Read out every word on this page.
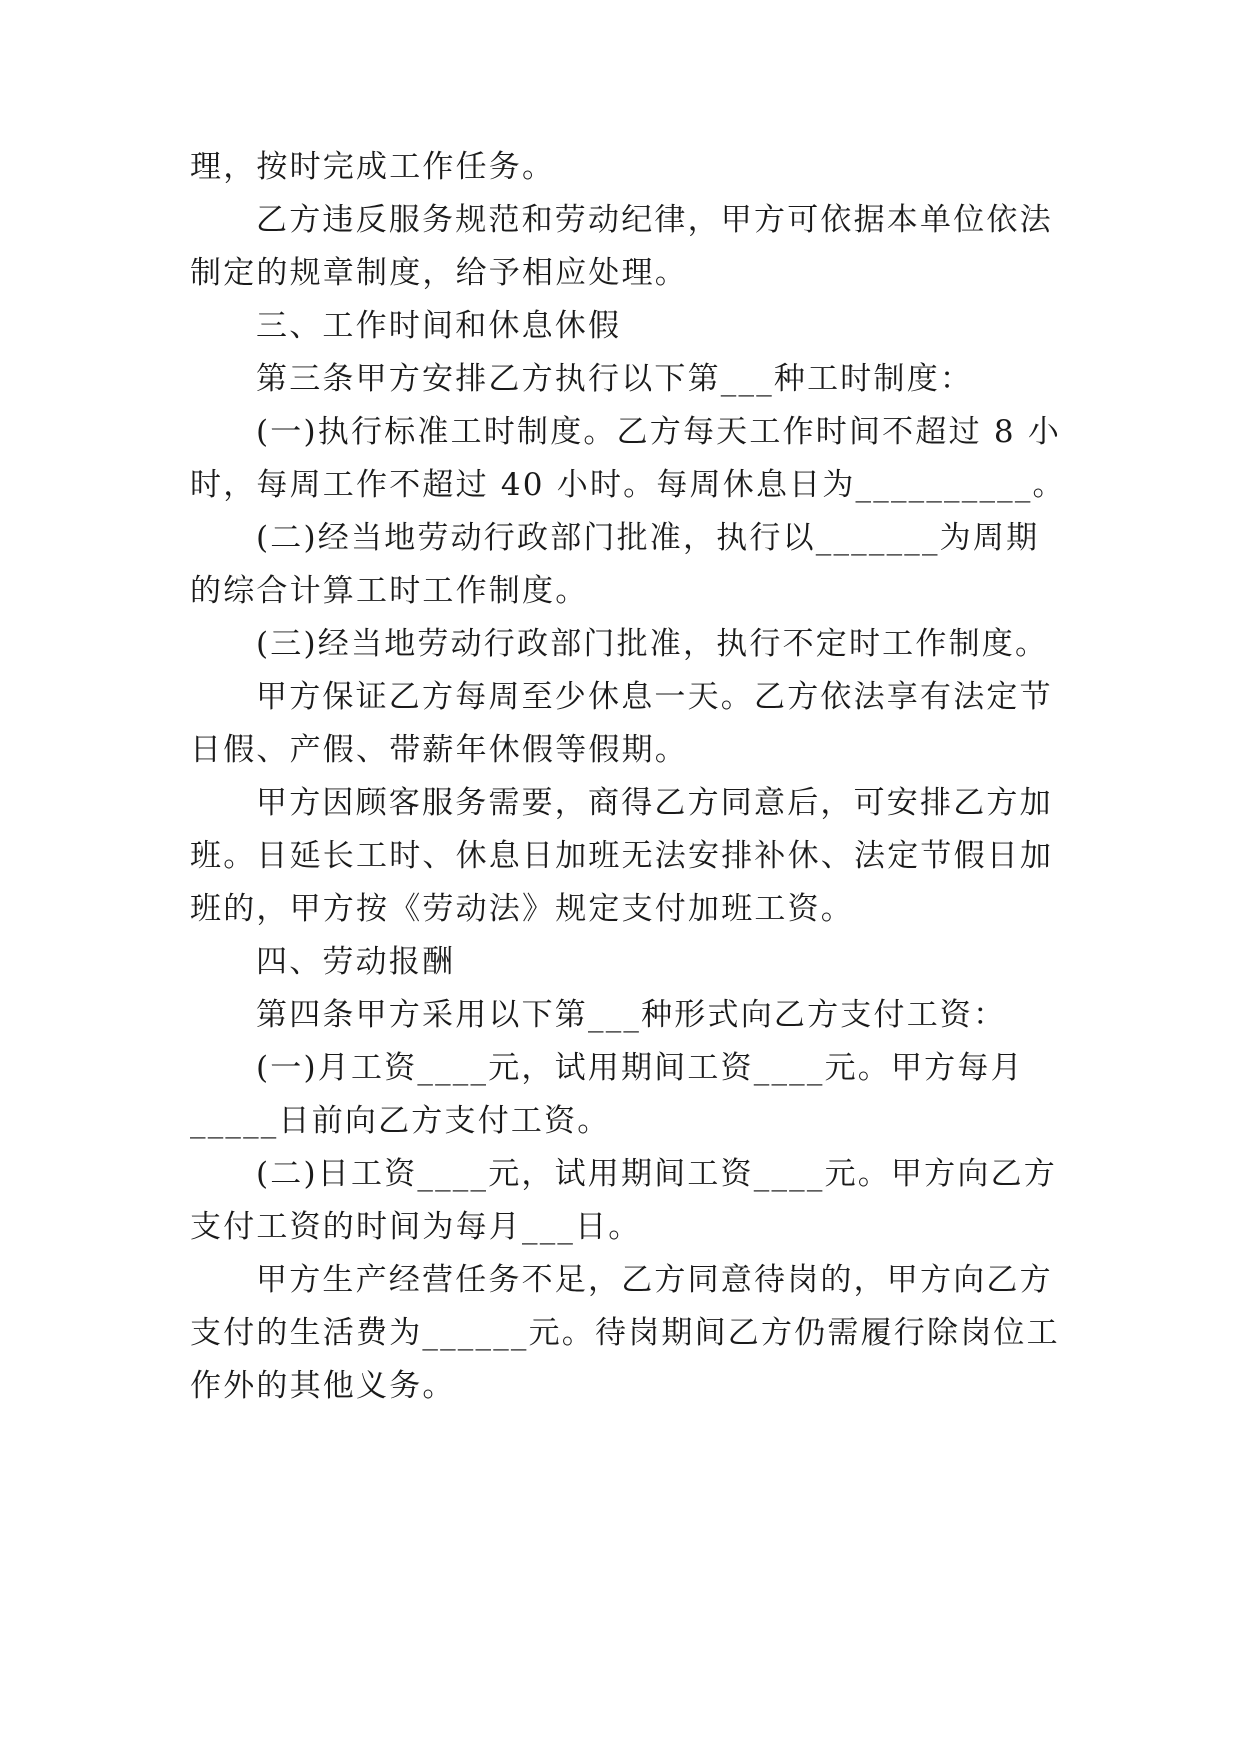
理，按时完成工作任务。
乙方违反服务规范和劳动纪律，甲方可依据本单位依法
制定的规章制度，给予相应处理。
三、工作时间和休息休假
第三条甲方安排乙方执行以下第___种工时制度：
(一)执行标准工时制度。乙方每天工作时间不超过 8 小
时，每周工作不超过 40 小时。每周休息日为__________。
(二)经当地劳动行政部门批准，执行以_______为周期
的综合计算工时工作制度。
(三)经当地劳动行政部门批准，执行不定时工作制度。
甲方保证乙方每周至少休息一天。乙方依法享有法定节
日假、产假、带薪年休假等假期。
甲方因顾客服务需要，商得乙方同意后，可安排乙方加
班。日延长工时、休息日加班无法安排补休、法定节假日加
班的，甲方按《劳动法》规定支付加班工资。
四、劳动报酬
第四条甲方采用以下第___种形式向乙方支付工资：
(一)月工资____元，试用期间工资____元。甲方每月
_____日前向乙方支付工资。
(二)日工资____元，试用期间工资____元。甲方向乙方
支付工资的时间为每月___日。
甲方生产经营任务不足，乙方同意待岗的，甲方向乙方
支付的生活费为______元。待岗期间乙方仍需履行除岗位工
作外的其他义务。
